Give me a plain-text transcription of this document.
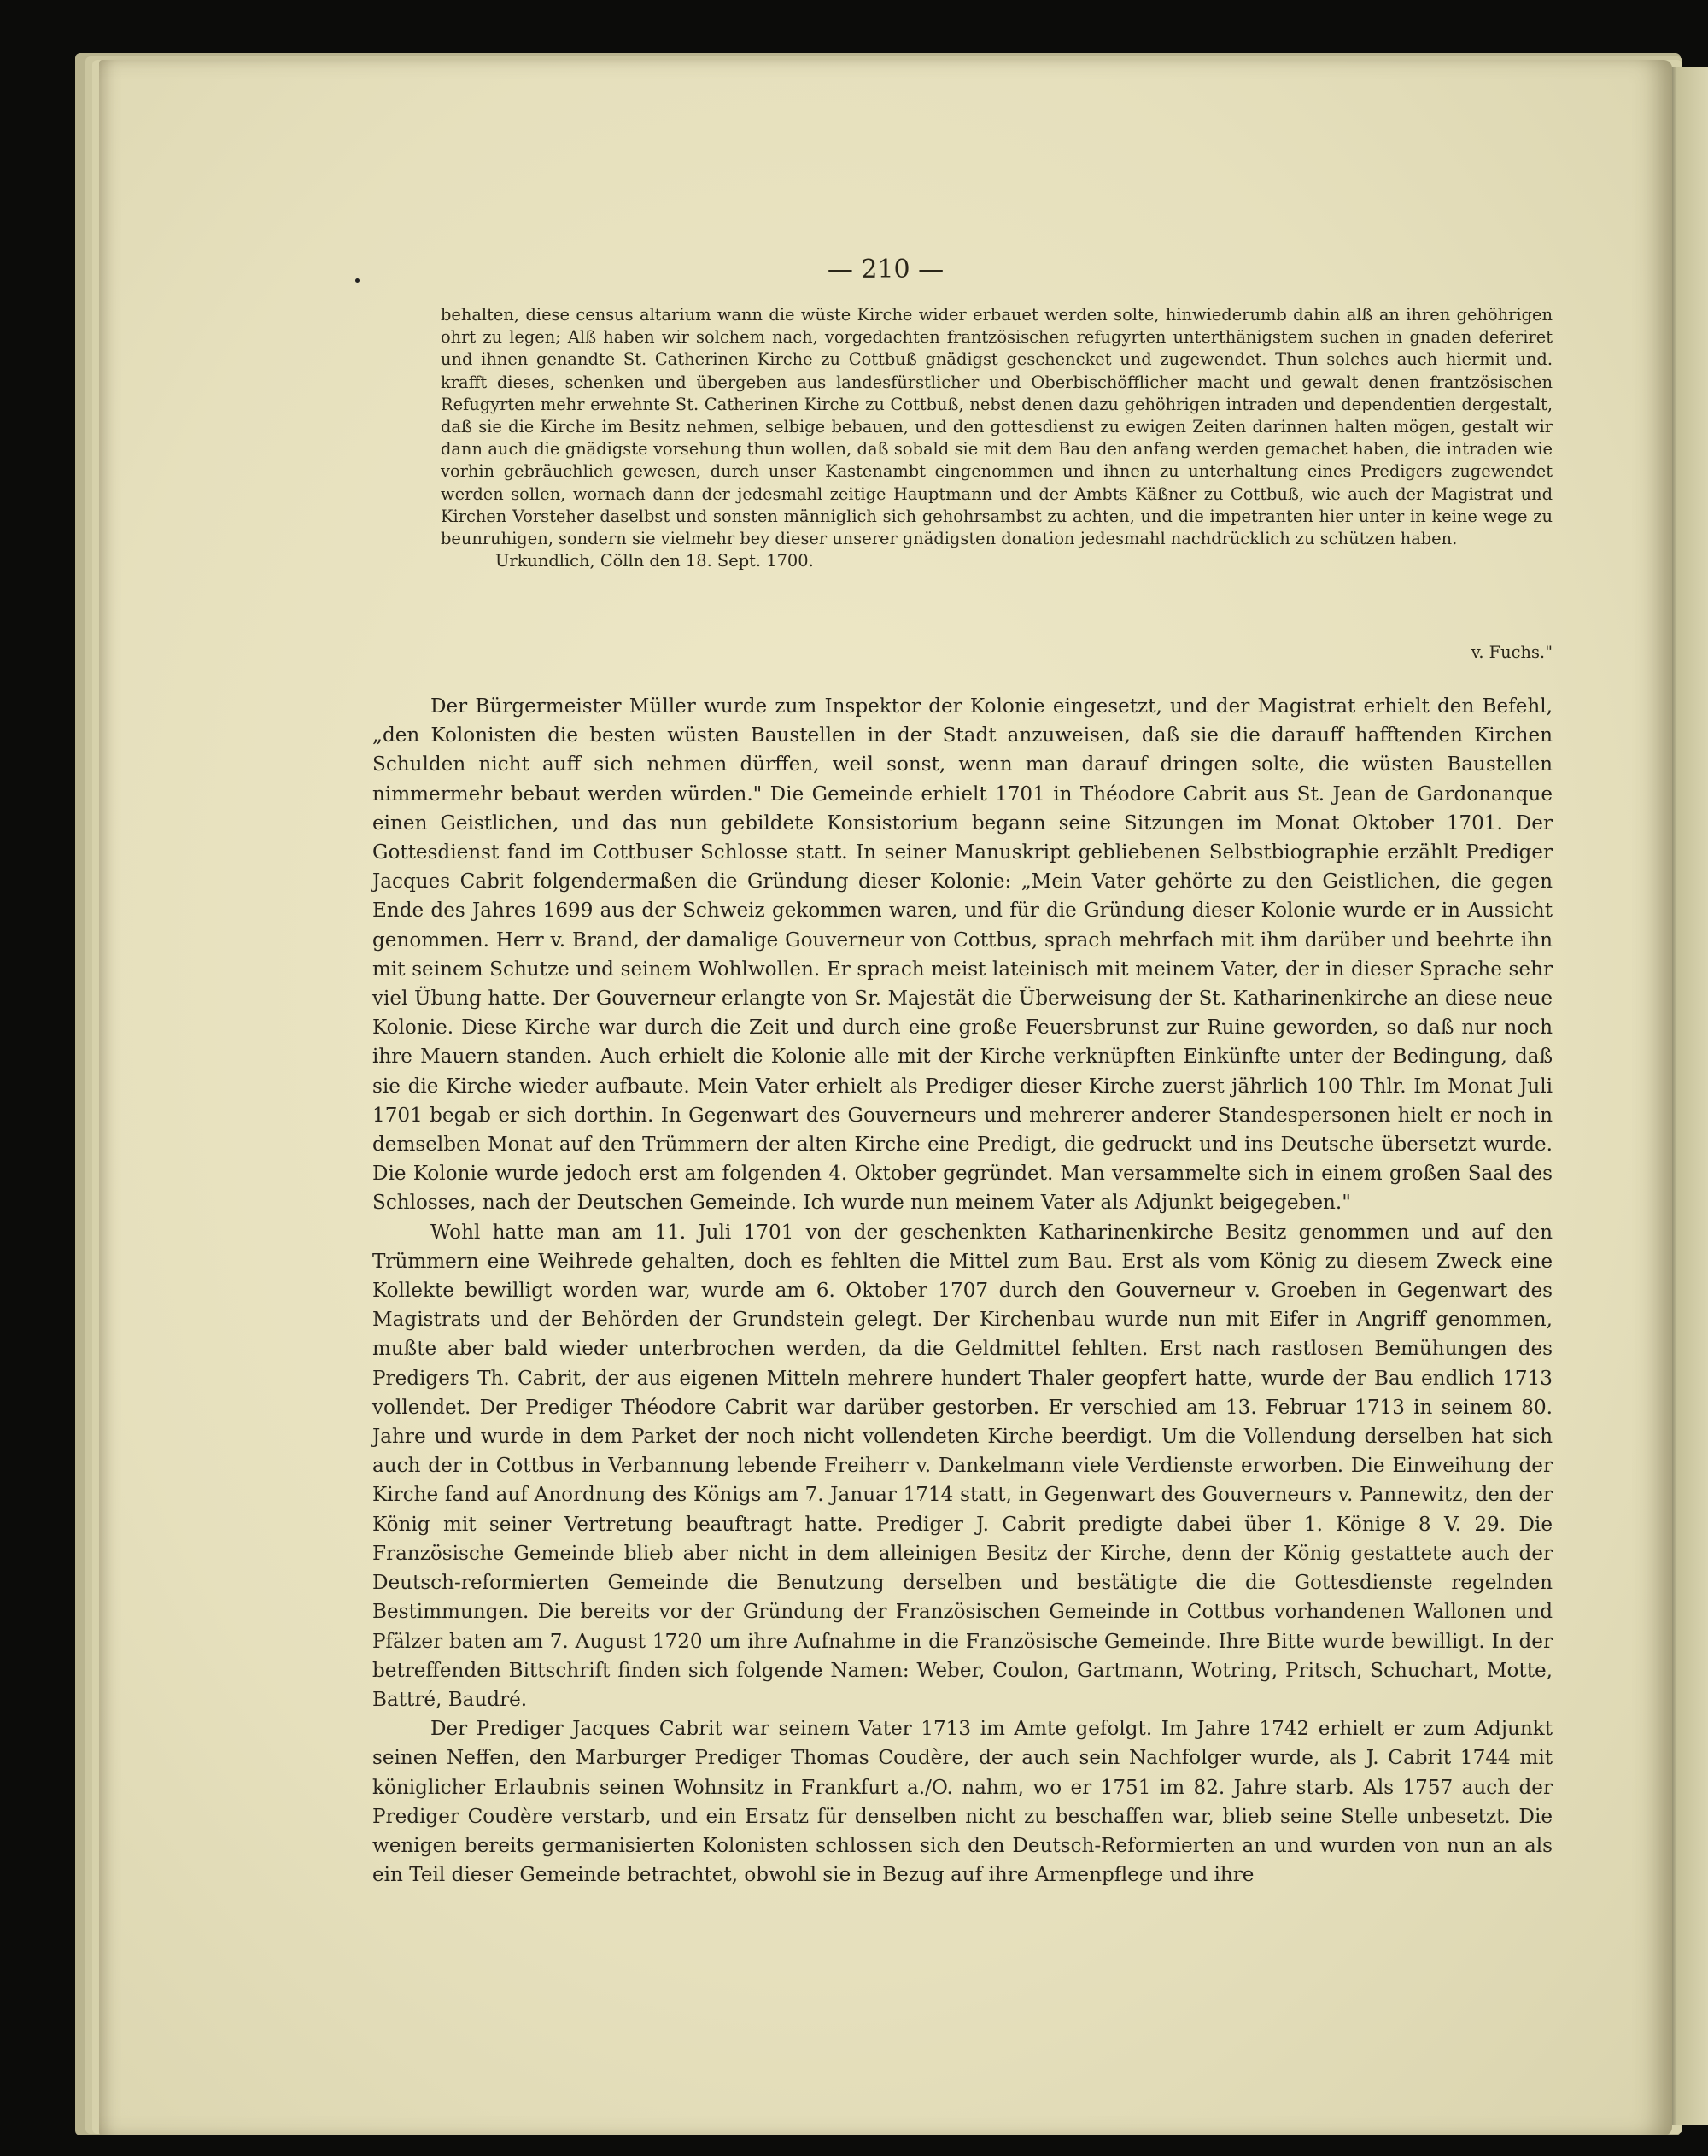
— 210 —

behalten, diese census altarium wann die wüste Kirche wider erbauet werden solte, hinwiederumb dahin alß an ihren gehöhrigen ohrt zu legen; Alß haben wir solchem nach, vorgedachten frantzösischen refugyrten unterthänigstem suchen in gnaden deferiret und ihnen genandte St. Catherinen Kirche zu Cottbuß gnädigst geschencket und zugewendet. Thun solches auch hiermit und. krafft dieses, schenken und übergeben aus landesfürstlicher und Oberbischöfflicher macht und gewalt denen frantzösischen Refugyrten mehr erwehnte St. Catherinen Kirche zu Cottbuß, nebst denen dazu gehöhrigen intraden und dependentien dergestalt, daß sie die Kirche im Besitz nehmen, selbige bebauen, und den gottesdienst zu ewigen Zeiten darinnen halten mögen, gestalt wir dann auch die gnädigste vorsehung thun wollen, daß sobald sie mit dem Bau den anfang werden gemachet haben, die intraden wie vorhin gebräuchlich gewesen, durch unser Kastenambt eingenommen und ihnen zu unterhaltung eines Predigers zugewendet werden sollen, wornach dann der jedesmahl zeitige Hauptmann und der Ambts Käßner zu Cottbuß, wie auch der Magistrat und Kirchen Vorsteher daselbst und sonsten männiglich sich gehohrsambst zu achten, und die impetranten hier unter in keine wege zu beunruhigen, sondern sie vielmehr bey dieser unserer gnädigsten donation jedesmahl nachdrücklich zu schützen haben.

Urkundlich, Cölln den 18. Sept. 1700.

v. Fuchs."

Der Bürgermeister Müller wurde zum Inspektor der Kolonie eingesetzt, und der Magistrat erhielt den Befehl, „den Kolonisten die besten wüsten Baustellen in der Stadt anzuweisen, daß sie die darauff hafftenden Kirchen Schulden nicht auff sich nehmen dürffen, weil sonst, wenn man darauf dringen solte, die wüsten Baustellen nimmermehr bebaut werden würden." Die Gemeinde erhielt 1701 in Théodore Cabrit aus St. Jean de Gardonanque einen Geistlichen, und das nun gebildete Konsistorium begann seine Sitzungen im Monat Oktober 1701. Der Gottesdienst fand im Cottbuser Schlosse statt. In seiner Manuskript gebliebenen Selbstbiographie erzählt Prediger Jacques Cabrit folgendermaßen die Gründung dieser Kolonie: „Mein Vater gehörte zu den Geistlichen, die gegen Ende des Jahres 1699 aus der Schweiz gekommen waren, und für die Gründung dieser Kolonie wurde er in Aussicht genommen. Herr v. Brand, der damalige Gouverneur von Cottbus, sprach mehrfach mit ihm darüber und beehrte ihn mit seinem Schutze und seinem Wohlwollen. Er sprach meist lateinisch mit meinem Vater, der in dieser Sprache sehr viel Übung hatte. Der Gouverneur erlangte von Sr. Majestät die Überweisung der St. Katharinenkirche an diese neue Kolonie. Diese Kirche war durch die Zeit und durch eine große Feuersbrunst zur Ruine geworden, so daß nur noch ihre Mauern standen. Auch erhielt die Kolonie alle mit der Kirche verknüpften Einkünfte unter der Bedingung, daß sie die Kirche wieder aufbaute. Mein Vater erhielt als Prediger dieser Kirche zuerst jährlich 100 Thlr. Im Monat Juli 1701 begab er sich dorthin. In Gegenwart des Gouverneurs und mehrerer anderer Standespersonen hielt er noch in demselben Monat auf den Trümmern der alten Kirche eine Predigt, die gedruckt und ins Deutsche übersetzt wurde. Die Kolonie wurde jedoch erst am folgenden 4. Oktober gegründet. Man versammelte sich in einem großen Saal des Schlosses, nach der Deutschen Gemeinde. Ich wurde nun meinem Vater als Adjunkt beigegeben."

Wohl hatte man am 11. Juli 1701 von der geschenkten Katharinenkirche Besitz genommen und auf den Trümmern eine Weihrede gehalten, doch es fehlten die Mittel zum Bau. Erst als vom König zu diesem Zweck eine Kollekte bewilligt worden war, wurde am 6. Oktober 1707 durch den Gouverneur v. Groeben in Gegenwart des Magistrats und der Behörden der Grundstein gelegt. Der Kirchenbau wurde nun mit Eifer in Angriff genommen, mußte aber bald wieder unterbrochen werden, da die Geldmittel fehlten. Erst nach rastlosen Bemühungen des Predigers Th. Cabrit, der aus eigenen Mitteln mehrere hundert Thaler geopfert hatte, wurde der Bau endlich 1713 vollendet. Der Prediger Théodore Cabrit war darüber gestorben. Er verschied am 13. Februar 1713 in seinem 80. Jahre und wurde in dem Parket der noch nicht vollendeten Kirche beerdigt. Um die Vollendung derselben hat sich auch der in Cottbus in Verbannung lebende Freiherr v. Dankelmann viele Verdienste erworben. Die Einweihung der Kirche fand auf Anordnung des Königs am 7. Januar 1714 statt, in Gegenwart des Gouverneurs v. Pannewitz, den der König mit seiner Vertretung beauftragt hatte. Prediger J. Cabrit predigte dabei über 1. Könige 8 V. 29. Die Französische Gemeinde blieb aber nicht in dem alleinigen Besitz der Kirche, denn der König gestattete auch der Deutsch-reformierten Gemeinde die Benutzung derselben und bestätigte die die Gottesdienste regelnden Bestimmungen. Die bereits vor der Gründung der Französischen Gemeinde in Cottbus vorhandenen Wallonen und Pfälzer baten am 7. August 1720 um ihre Aufnahme in die Französische Gemeinde. Ihre Bitte wurde bewilligt. In der betreffenden Bittschrift finden sich folgende Namen: Weber, Coulon, Gartmann, Wotring, Pritsch, Schuchart, Motte, Battré, Baudré.

Der Prediger Jacques Cabrit war seinem Vater 1713 im Amte gefolgt. Im Jahre 1742 erhielt er zum Adjunkt seinen Neffen, den Marburger Prediger Thomas Coudère, der auch sein Nachfolger wurde, als J. Cabrit 1744 mit königlicher Erlaubnis seinen Wohnsitz in Frankfurt a./O. nahm, wo er 1751 im 82. Jahre starb. Als 1757 auch der Prediger Coudère verstarb, und ein Ersatz für denselben nicht zu beschaffen war, blieb seine Stelle unbesetzt. Die wenigen bereits germanisierten Kolonisten schlossen sich den Deutsch-Reformierten an und wurden von nun an als ein Teil dieser Gemeinde betrachtet, obwohl sie in Bezug auf ihre Armenpflege und ihre
